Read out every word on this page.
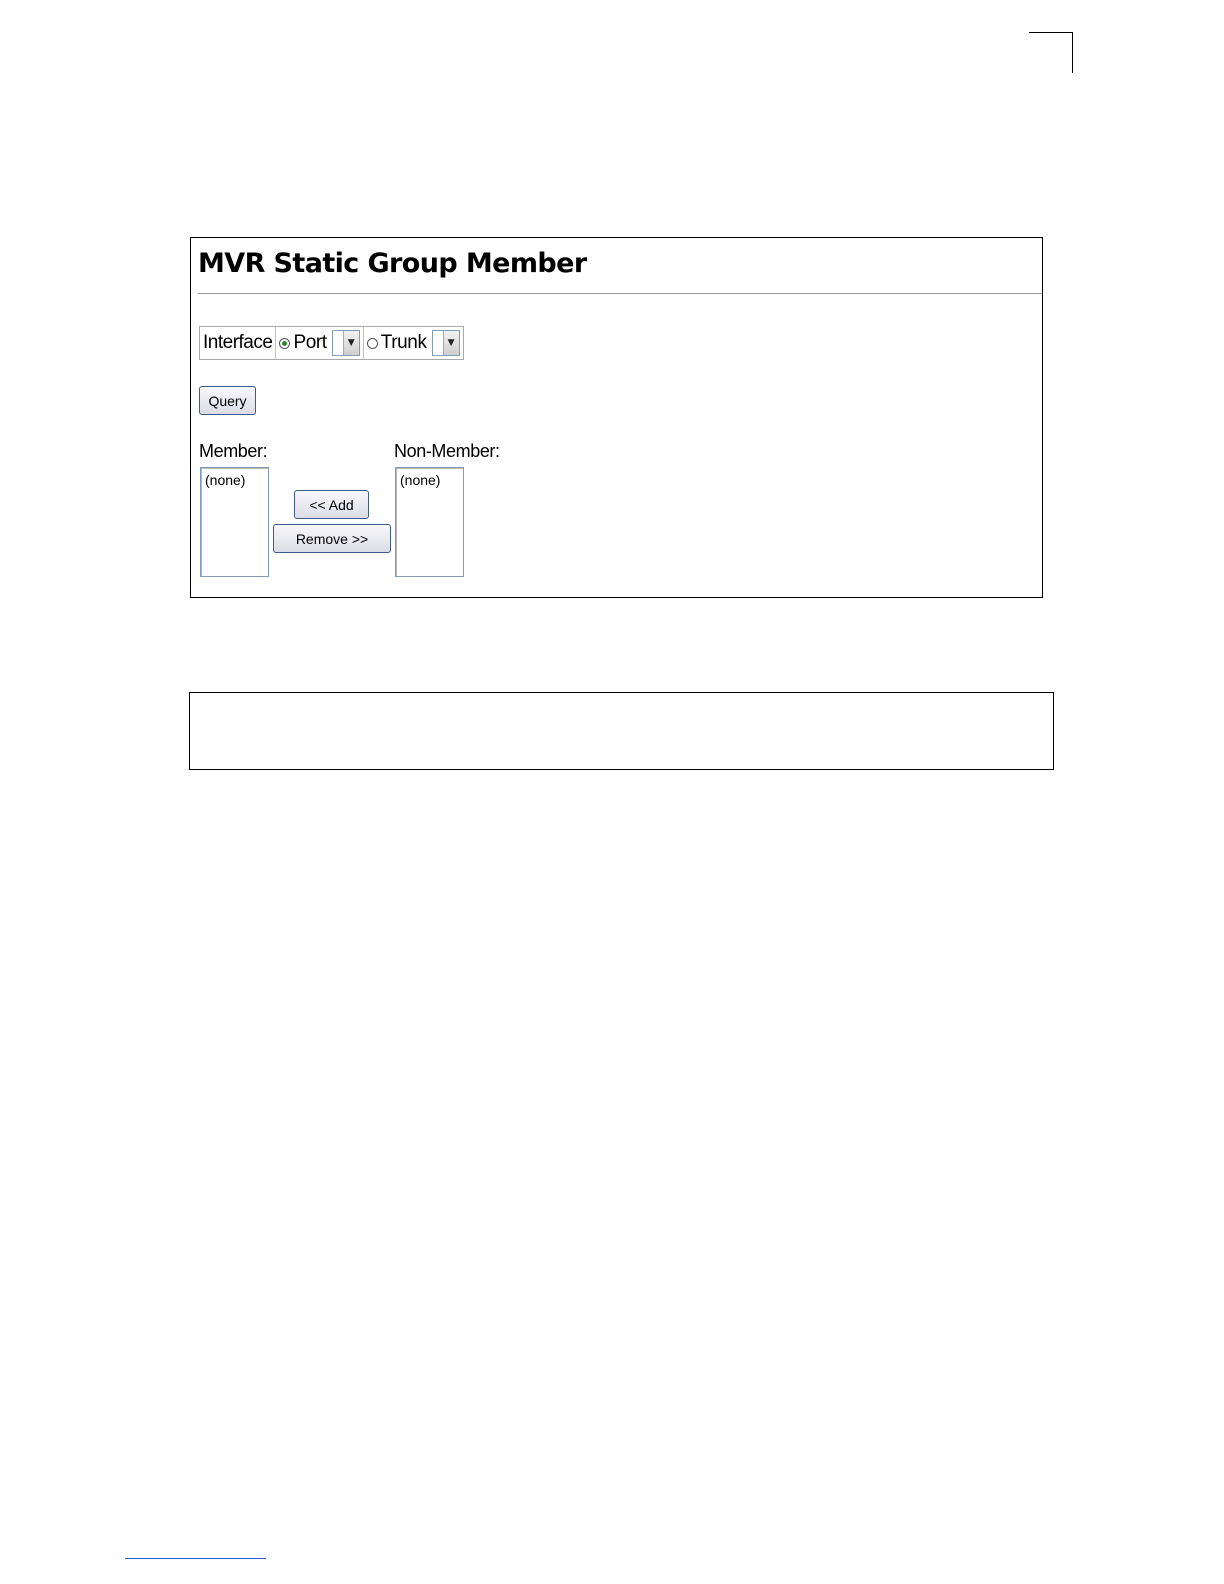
MVR Static Group Member
Interface Port	▼ Trunk	▼
Query
Member:	Non-Member:
(none)
<< Add
Remove >>
(none)
